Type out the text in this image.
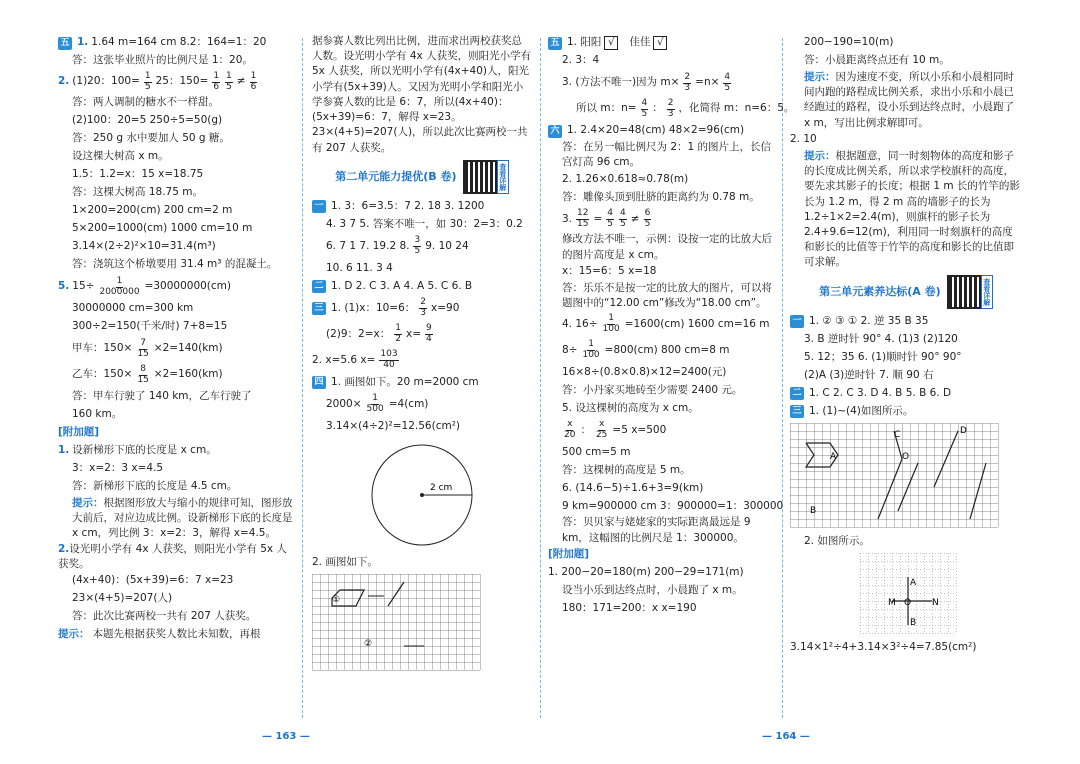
五 1. 1.64 m=164 cm 8.2：164=1：20
答：这张毕业照片的比例尺是 1：20。
2. (1)20：$100= \frac{1}{5} 25$：$150= \frac{1}{6} \frac{1}{5} \ne \frac{1}{6}$
答：两人调制的糖水不一样甜。
(2)100：20=5 250÷5=50(g)
答：250 g 水中要加人 50 g 糖。
设这棵大树高 x m。
1.5：1.2=x：15 x=18.75
答：这棵大树高 18.75 m。
1×200=200(cm) 200 cm=2 m
5×200=1000(cm) 1000 cm=10 m
3.14×(2÷2)²×10=31.4(m³)
答：浇筑这个桥墩要用 31.4 m³ 的混凝土。
5. $15\div \frac{1}{2000000} =30000000(cm)$
30000000 cm=300 km
300÷2=150(千米/时) 7+8=15
甲车：$150\times \frac{7}{15} \times 2=140(km)$
乙车：$150\times \frac{8}{15} \times 2=160(km)$
答：甲车行驶了 140 km，乙车行驶了
160 km。
[附加题]
1. 设新梯形下底的长度是 x cm。
3：x=2：3 x=4.5
答：新梯形下底的长度是 4.5 cm。
提示：根据图形放大与缩小的规律可知，图形放大前后，对应边成比例。设新梯形下底的长度是 x cm，列比例 3：x=2：3，解得 x=4.5。
2.设光明小学有 4x 人获奖，则阳光小学有 5x 人获奖。
(4x+40)：(5x+39)=6：7 x=23
23×(4+5)=207(人)
答：此次比赛两校一共有 207 人获奖。
提示： 本题先根据获奖人数比未知数，再根
据参赛人数比列出比例，进而求出两校获奖总人数。设光明小学有 4x 人获奖，则阳光小学有 5x 人获奖，所以光明小学有(4x+40)人，阳光小学有(5x+39)人。又因为光明小学和阳光小学参赛人数的比是 6：7，所以(4x+40)：(5x+39)=6：7，解得 x=23。23×(4+5)=207(人)，所以此次比赛两校一共有 207 人获奖。
第二单元能力提优(B 卷)	查看详解
一 1. 3：6=3.5：7 2. 18 3. 1200
4. 3 7 5. 答案不唯一，如 30：2=3：0.2
6. 7 1 7. 19.2 8. $\frac{3}{5} 9$. 10 24
10. 6 11. 3 4
二 1. D 2. C 3. A 4. A 5. C 6. B
三 1. (1)x：10=6： $\frac{2}{3} x=90$
(2)9：2=x： $\frac{1}{2} x= \frac{9}{4}$
2. x=5.6 $x= \frac{103}{40}$
四 1. 画图如下。20 m=2000 cm
$2000\times \frac{1}{500} =4(cm)$
3.14×(4÷2)²=12.56(cm²)
2 cm
2. 画图如下。
①
②
五 1. 阳阳 √	佳佳 √
2. 3：4
3. (方法不唯一)因为 $m\times \frac{2}{3} =n\times \frac{4}{5}$
所以 m：$n= \frac{4}{5}$ ： $\frac{2}{3}$ ，化简得 m：n=6：5。
六 1. 2.4×20=48(cm) 48×2=96(cm)
答：在另一幅比例尺为 2：1 的图片上，长信宫灯高 96 cm。
2. 1.26×0.618≈0.78(m)
答：雕像头顶到肚脐的距离约为 0.78 m。
3. $\frac{12}{15} = \frac{4}{5} \frac{4}{5} \ne \frac{6}{5}$
修改方法不唯一，示例：设按一定的比放大后的图片高度是 x cm。
x：15=6：5 x=18
答：乐乐不是按一定的比放大的图片，可以将题图中的“12.00 cm”修改为“18.00 cm”。
4. $16\div \frac{1}{100} =1600(cm)$ 1600 cm=16 m
$8\div \frac{1}{100} =800(cm)$ 800 cm=8 m
16×8÷(0.8×0.8)×12=2400(元)
答：小丹家买地砖至少需要 2400 元。
5. 设这棵树的高度为 x cm。
$\frac{x}{20}$ ： $\frac{x}{25} =5$ x=500
500 cm=5 m
答：这棵树的高度是 5 m。
6. (14.6−5)÷1.6+3=9(km)
9 km=900000 cm 3：900000=1：300000
答：贝贝家与姥姥家的实际距离最远是 9 km，这幅图的比例尺是 1：300000。
[附加题]
1. 200−20=180(m) 200−29=171(m)
设当小乐到达终点时，小晨跑了 x m。
180：171=200：x x=190
200−190=10(m)
答：小晨距离终点还有 10 m。
提示：因为速度不变，所以小乐和小晨相同时间内跑的路程成比例关系，求出小乐和小晨已经跑过的路程，设小乐到达终点时，小晨跑了 x m，写出比例求解即可。
2. 10
提示：根据题意，同一时刻物体的高度和影子的长度成比例关系，所以求学校旗杆的高度，要先求其影子的长度；根据 1 m 长的竹竿的影长为 1.2 m，得 2 m 高的墙影子的长为 1.2÷1×2=2.4(m)，则旗杆的影子长为 2.4+9.6=12(m)，利用同一时刻旗杆的高度和影长的比值等于竹竿的高度和影长的比值即可求解。
第三单元素养达标(A 卷)	查看详解
一 1. ② ③ ① 2. 逆 35 B 35
3. B 逆时针 90° 4. (1)3 (2)120
5. 12；35 6. (1)顺时针 90° 90°
(2)A (3)逆时针 7. 顺 90 右
二 1. C 2. C 3. D 4. B 5. B 6. D
三 1. (1)~(4)如图所示。
A
B
C
O
D
2. 如图所示。
M O N
A
B
3.14×1²÷4+3.14×3²÷4=7.85(cm²)
— 163 —	— 164 —
